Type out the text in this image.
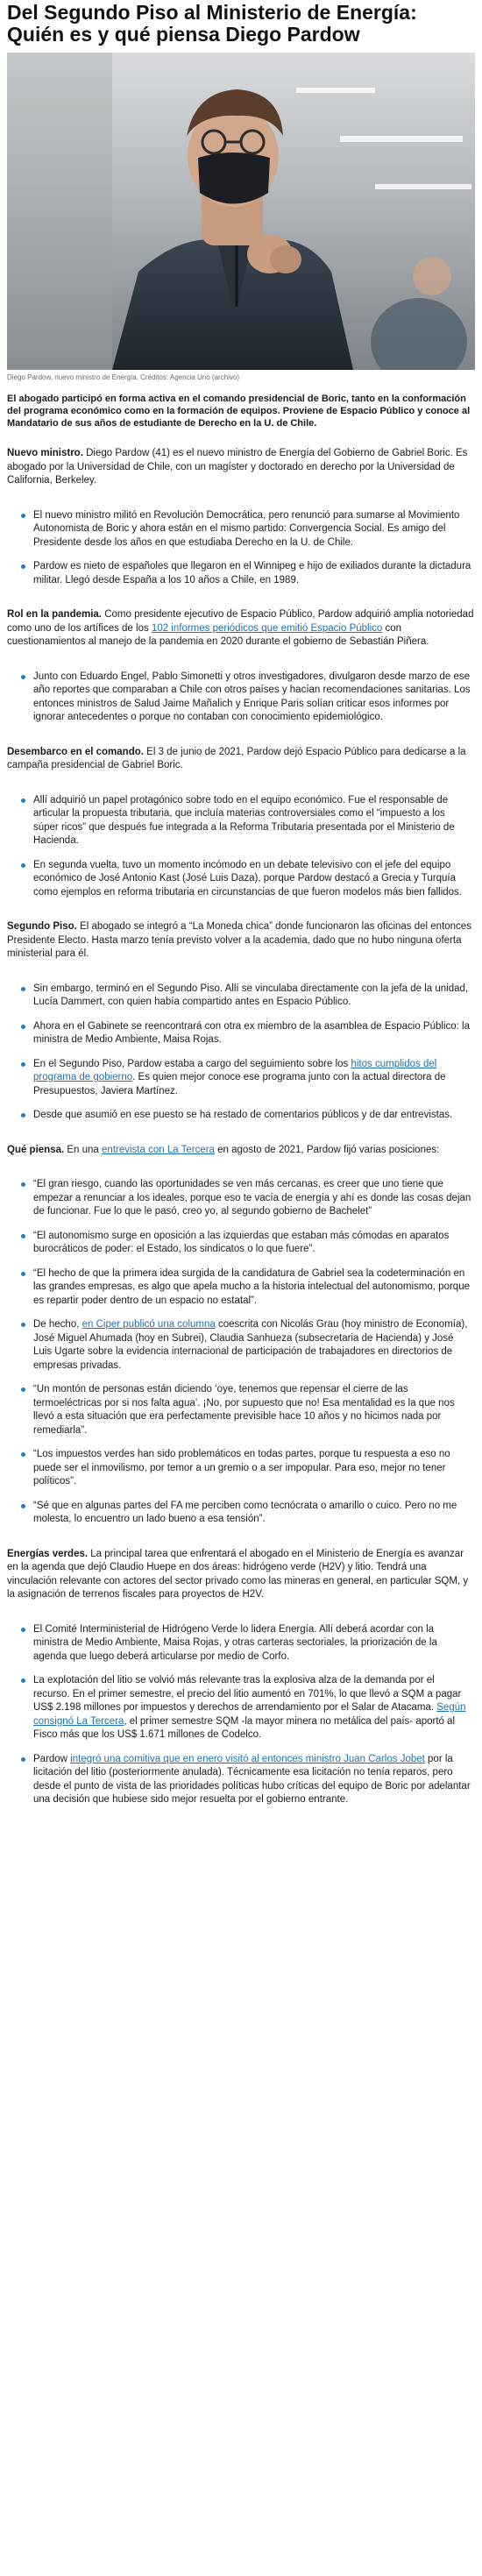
Del Segundo Piso al Ministerio de Energía: Quién es y qué piensa Diego Pardow
Diego Pardow, nuevo ministro de Energía. Créditos: Agencia Uno (archivo)

El abogado participó en forma activa en el comando presidencial de Boric, tanto en la conformación del programa económico como en la formación de equipos. Proviene de Espacio Público y conoce al Mandatario de sus años de estudiante de Derecho en la U. de Chile.

Nuevo ministro. Diego Pardow (41) es el nuevo ministro de Energía del Gobierno de Gabriel Boric. Es abogado por la Universidad de Chile, con un magíster y doctorado en derecho por la Universidad de California, Berkeley.

El nuevo ministro militó en Revolución Democrática, pero renunció para sumarse al Movimiento Autonomista de Boric y ahora están en el mismo partido: Convergencia Social. Es amigo del Presidente desde los años en que estudiaba Derecho en la U. de Chile.
Pardow es nieto de españoles que llegaron en el Winnipeg e hijo de exiliados durante la dictadura militar. Llegó desde España a los 10 años a Chile, en 1989.

Rol en la pandemia. Como presidente ejecutivo de Espacio Público, Pardow adquirió amplia notoriedad como uno de los artífices de los 102 informes periódicos que emitió Espacio Público con cuestionamientos al manejo de la pandemia en 2020 durante el gobierno de Sebastián Piñera.

Junto con Eduardo Engel, Pablo Simonetti y otros investigadores, divulgaron desde marzo de ese año reportes que comparaban a Chile con otros países y hacían recomendaciones sanitarias. Los entonces ministros de Salud Jaime Mañalich y Enrique Paris solían criticar esos informes por ignorar antecedentes o porque no contaban con conocimiento epidemiológico.

Desembarco en el comando. El 3 de junio de 2021, Pardow dejó Espacio Público para dedicarse a la campaña presidencial de Gabriel Boric.

Allí adquirió un papel protagónico sobre todo en el equipo económico. Fue el responsable de articular la propuesta tributaria, que incluía materias controversiales como el “impuesto a los súper ricos” que después fue integrada a la Reforma Tributaria presentada por el Ministerio de Hacienda.
En segunda vuelta, tuvo un momento incómodo en un debate televisivo con el jefe del equipo económico de José Antonio Kast (José Luis Daza), porque Pardow destacó a Grecia y Turquía como ejemplos en reforma tributaria en circunstancias de que fueron modelos más bien fallidos.

Segundo Piso. El abogado se integró a “La Moneda chica” donde funcionaron las oficinas del entonces Presidente Electo. Hasta marzo tenía previsto volver a la academia, dado que no hubo ninguna oferta ministerial para él.

Sin embargo, terminó en el Segundo Piso. Allí se vinculaba directamente con la jefa de la unidad, Lucía Dammert, con quien había compartido antes en Espacio Público.
Ahora en el Gabinete se reencontrará con otra ex miembro de la asamblea de Espacio Público: la ministra de Medio Ambiente, Maisa Rojas.
En el Segundo Piso, Pardow estaba a cargo del seguimiento sobre los hitos cumplidos del programa de gobierno. Es quien mejor conoce ese programa junto con la actual directora de Presupuestos, Javiera Martínez.
Desde que asumió en ese puesto se ha restado de comentarios públicos y de dar entrevistas.

Qué piensa. En una entrevista con La Tercera en agosto de 2021, Pardow fijó varias posiciones:

“El gran riesgo, cuando las oportunidades se ven más cercanas, es creer que uno tiene que empezar a renunciar a los ideales, porque eso te vacía de energía y ahí es donde las cosas dejan de funcionar. Fue lo que le pasó, creo yo, al segundo gobierno de Bachelet”
“El autonomismo surge en oposición a las izquierdas que estaban más cómodas en aparatos burocráticos de poder: el Estado, los sindicatos o lo que fuere”.
“El hecho de que la primera idea surgida de la candidatura de Gabriel sea la codeterminación en las grandes empresas, es algo que apela mucho a la historia intelectual del autonomismo, porque es repartir poder dentro de un espacio no estatal”.
De hecho, en Ciper publicó una columna coescrita con Nicolás Grau (hoy ministro de Economía), José Miguel Ahumada (hoy en Subrei), Claudia Sanhueza (subsecretaria de Hacienda) y José Luis Ugarte sobre la evidencia internacional de participación de trabajadores en directorios de empresas privadas.
“Un montón de personas están diciendo ‘oye, tenemos que repensar el cierre de las termoeléctricas por si nos falta agua’. ¡No, por supuesto que no! Esa mentalidad es la que nos llevó a esta situación que era perfectamente previsible hace 10 años y no hicimos nada por remediarla”.
“Los impuestos verdes han sido problemáticos en todas partes, porque tu respuesta a eso no puede ser el inmovilismo, por temor a un gremio o a ser impopular. Para eso, mejor no tener políticos”.
“Sé que en algunas partes del FA me perciben como tecnócrata o amarillo o cuico. Pero no me molesta, lo encuentro un lado bueno a esa tensión”.

Energías verdes. La principal tarea que enfrentará el abogado en el Ministerio de Energía es avanzar en la agenda que dejó Claudio Huepe en dos áreas: hidrógeno verde (H2V) y litio. Tendrá una vinculación relevante con actores del sector privado como las mineras en general, en particular SQM, y la asignación de terrenos fiscales para proyectos de H2V.

El Comité Interministerial de Hidrógeno Verde lo lidera Energía. Allí deberá acordar con la ministra de Medio Ambiente, Maisa Rojas, y otras carteras sectoriales, la priorización de la agenda que luego deberá articularse por medio de Corfo.
La explotación del litio se volvió más relevante tras la explosiva alza de la demanda por el recurso. En el primer semestre, el precio del litio aumentó en 701%, lo que llevó a SQM a pagar US$ 2.198 millones por impuestos y derechos de arrendamiento por el Salar de Atacama. Según consignó La Tercera, el primer semestre SQM -la mayor minera no metálica del país- aportó al Fisco más que los US$ 1.671 millones de Codelco.
Pardow integró una comitiva que en enero visitó al entonces ministro Juan Carlos Jobet por la licitación del litio (posteriormente anulada). Técnicamente esa licitación no tenía reparos, pero desde el punto de vista de las prioridades políticas hubo críticas del equipo de Boric por adelantar una decisión que hubiese sido mejor resuelta por el gobierno entrante.
